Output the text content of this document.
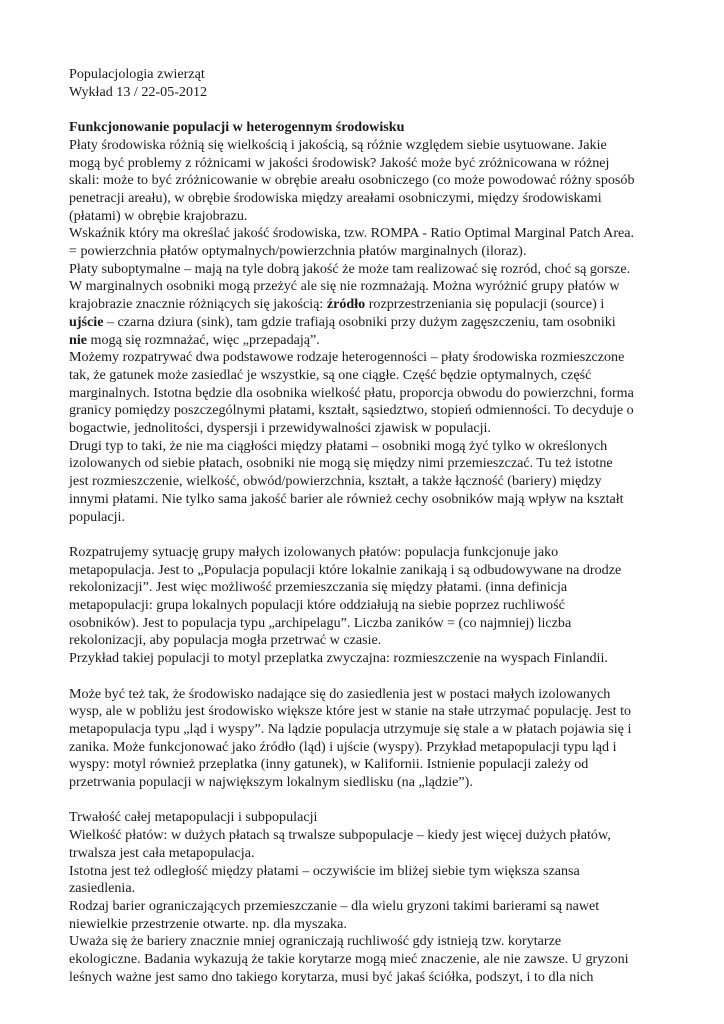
Populacjologia zwierząt

Wykład 13 / 22-05-2012

Funkcjonowanie populacji w heterogennym środowisku

Płaty środowiska różnią się wielkością i jakością, są różnie względem siebie usytuowane. Jakie

mogą być problemy z różnicami w jakości środowisk? Jakość może być zróżnicowana w różnej

skali: może to być zróżnicowanie w obrębie areału osobniczego (co może powodować różny sposób

penetracji areału), w obrębie środowiska między areałami osobniczymi, między środowiskami

(płatami) w obrębie krajobrazu.

Wskaźnik który ma określać jakość środowiska, tzw. ROMPA - Ratio Optimal Marginal Patch Area.

= powierzchnia płatów optymalnych/powierzchnia płatów marginalnych (iloraz).

Płaty suboptymalne – mają na tyle dobrą jakość że może tam realizować się rozród, choć są gorsze.

W marginalnych osobniki mogą przeżyć ale się nie rozmnażają. Można wyróżnić grupy płatów w

krajobrazie znacznie różniących się jakością: źródło rozprzestrzeniania się populacji (source) i

ujście – czarna dziura (sink), tam gdzie trafiają osobniki przy dużym zagęszczeniu, tam osobniki

nie mogą się rozmnażać, więc „przepadają”.

Możemy rozpatrywać dwa podstawowe rodzaje heterogenności – płaty środowiska rozmieszczone

tak, że gatunek może zasiedlać je wszystkie, są one ciągłe. Część będzie optymalnych, część

marginalnych. Istotna będzie dla osobnika wielkość płatu, proporcja obwodu do powierzchni, forma

granicy pomiędzy poszczególnymi płatami, kształt, sąsiedztwo, stopień odmienności. To decyduje o

bogactwie, jednolitości, dyspersji i przewidywalności zjawisk w populacji.

Drugi typ to taki, że nie ma ciągłości między płatami – osobniki mogą żyć tylko w określonych

izolowanych od siebie płatach, osobniki nie mogą się między nimi przemieszczać. Tu też istotne

jest rozmieszczenie, wielkość, obwód/powierzchnia, kształt, a także łączność (bariery) między

innymi płatami. Nie tylko sama jakość barier ale również cechy osobników mają wpływ na kształt

populacji.

Rozpatrujemy sytuację grupy małych izolowanych płatów: populacja funkcjonuje jako

metapopulacja. Jest to „Populacja populacji które lokalnie zanikają i są odbudowywane na drodze

rekolonizacji”. Jest więc możliwość przemieszczania się między płatami. (inna definicja

metapopulacji: grupa lokalnych populacji które oddziałują na siebie poprzez ruchliwość

osobników). Jest to populacja typu „archipelagu”. Liczba zaników = (co najmniej) liczba

rekolonizacji, aby populacja mogła przetrwać w czasie.

Przykład takiej populacji to motyl przeplatka zwyczajna: rozmieszczenie na wyspach Finlandii.

Może być też tak, że środowisko nadające się do zasiedlenia jest w postaci małych izolowanych

wysp, ale w pobliżu jest środowisko większe które jest w stanie na stałe utrzymać populację. Jest to

metapopulacja typu „ląd i wyspy”. Na lądzie populacja utrzymuje się stale a w płatach pojawia się i

zanika. Może funkcjonować jako źródło (ląd) i ujście (wyspy). Przykład metapopulacji typu ląd i

wyspy: motyl również przeplatka (inny gatunek), w Kalifornii. Istnienie populacji zależy od

przetrwania populacji w największym lokalnym siedlisku (na „lądzie”).

Trwałość całej metapopulacji i subpopulacji

Wielkość płatów: w dużych płatach są trwalsze subpopulacje – kiedy jest więcej dużych płatów,

trwalsza jest cała metapopulacja.

Istotna jest też odległość między płatami – oczywiście im bliżej siebie tym większa szansa

zasiedlenia.

Rodzaj barier ograniczających przemieszczanie – dla wielu gryzoni takimi barierami są nawet

niewielkie przestrzenie otwarte. np. dla myszaka.

Uważa się że bariery znacznie mniej ograniczają ruchliwość gdy istnieją tzw. korytarze

ekologiczne. Badania wykazują że takie korytarze mogą mieć znaczenie, ale nie zawsze. U gryzoni

leśnych ważne jest samo dno takiego korytarza, musi być jakaś ściółka, podszyt, i to dla nich
